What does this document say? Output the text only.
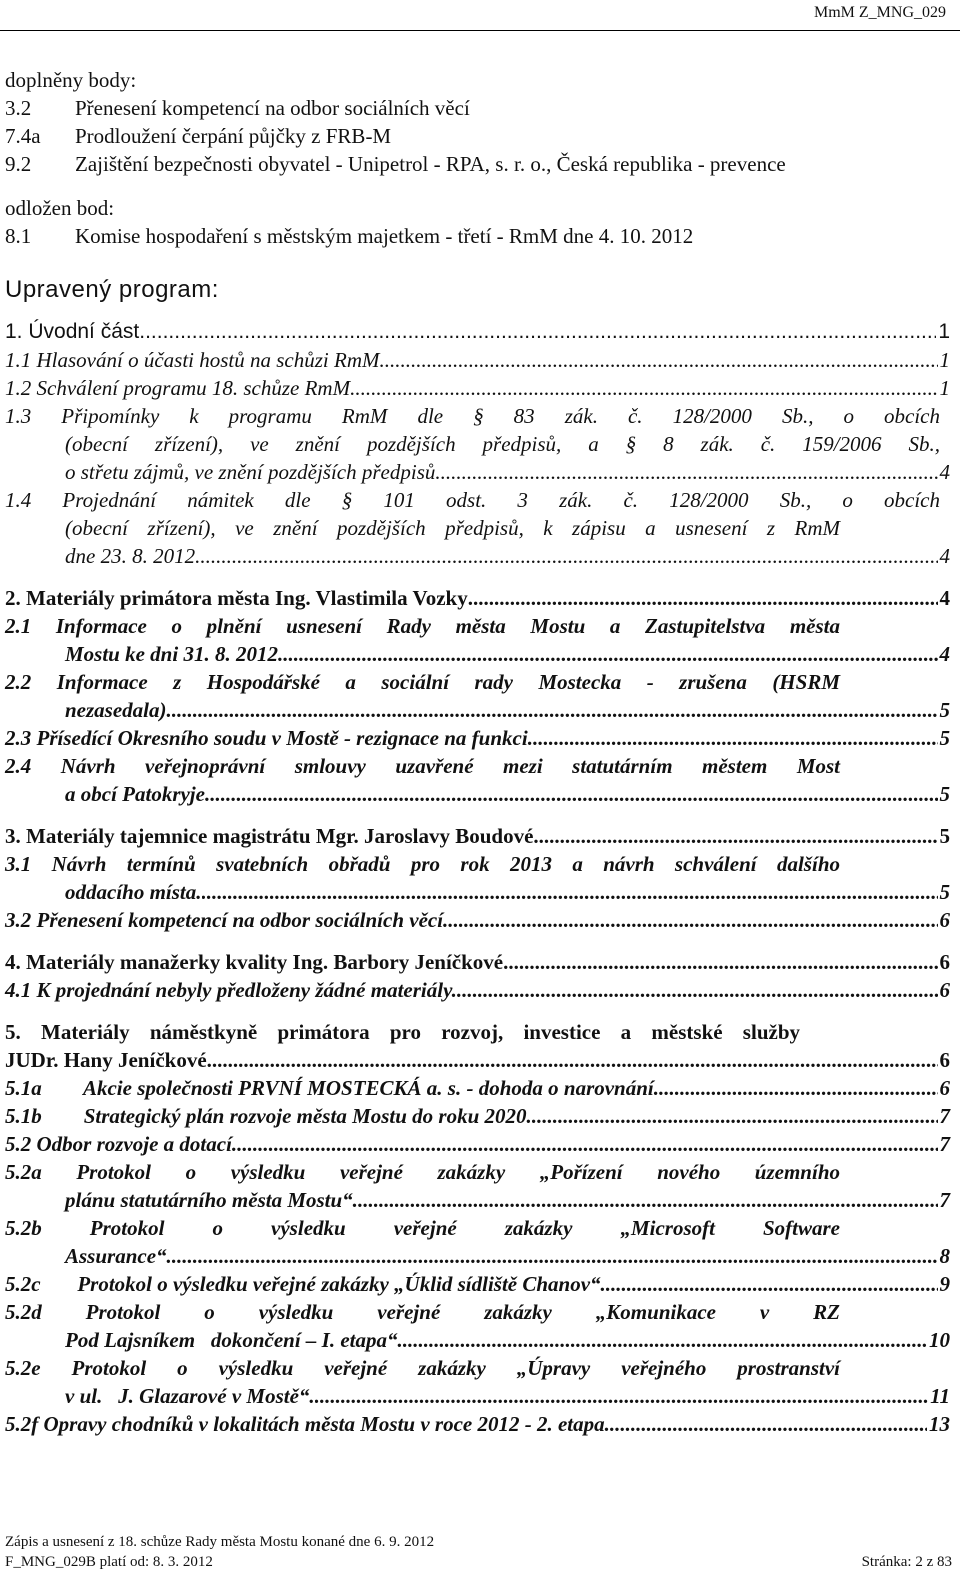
MmM Z_MNG_029
doplněny body:
3.2 Přenesení kompetencí na odbor sociálních věcí
7.4a Prodloužení čerpání půjčky z FRB-M
9.2 Zajištění bezpečnosti obyvatel - Unipetrol - RPA, s. r. o., Česká republika - prevence
odložen bod:
8.1 Komise hospodaření s městským majetkem - třetí - RmM dne 4. 10. 2012
Upravený program:
1. Úvodní část .....	1
1.1 Hlasování o účasti hostů na schůzi RmM. .....	1
1.2 Schválení programu 18. schůze RmM. .....	1
1.3 Připomínky k programu RmM dle § 83 zák. č. 128/2000 Sb., o obcích
(obecní zřízení), ve znění pozdějších předpisů, a § 8 zák. č. 159/2006 Sb.,
o střetu zájmů, ve znění pozdějších předpisů. .....	4
1.4 Projednání námitek dle § 101 odst. 3 zák. č. 128/2000 Sb., o obcích
(obecní zřízení), ve znění pozdějších předpisů, k zápisu a usnesení z RmM
dne 23. 8. 2012. .....	4
2. Materiály primátora města Ing. Vlastimila Vozky .....	4
2.1 Informace o plnění usnesení Rady města Mostu a Zastupitelstva města
Mostu ke dni 31. 8. 2012. .....	4
2.2 Informace z Hospodářské a sociální rady Mostecka - zrušena (HSRM
nezasedala). .....	5
2.3 Přísedící Okresního soudu v Mostě - rezignace na funkci. .....	5
2.4 Návrh veřejnoprávní smlouvy uzavřené mezi statutárním městem Most
a obcí Patokryje. .....	5
3. Materiály tajemnice magistrátu Mgr. Jaroslavy Boudové .....	5
3.1 Návrh termínů svatebních obřadů pro rok 2013 a návrh schválení dalšího
oddacího místa. .....	5
3.2 Přenesení kompetencí na odbor sociálních věcí. .....	6
4. Materiály manažerky kvality Ing. Barbory Jeníčkové .....	6
4.1 K projednání nebyly předloženy žádné materiály. .....	6
5. Materiály náměstkyně primátora pro rozvoj, investice a městské služby
JUDr. Hany Jeníčkové .....	6
5.1a        Akcie společnosti PRVNÍ MOSTECKÁ a. s. - dohoda o narovnání. .....	6
5.1b        Strategický plán rozvoje města Mostu do roku 2020. .....	7
5.2 Odbor rozvoje a dotací. .....	7
5.2a Protokol o výsledku veřejné zakázky „Pořízení nového územního
plánu statutárního města Mostu“. .....	7
5.2b Protokol o výsledku veřejné zakázky „Microsoft Software
Assurance“. .....	8
5.2c       Protokol o výsledku veřejné zakázky „Úklid sídliště Chanov“. .....	9
5.2d Protokol o výsledku veřejné zakázky „Komunikace v RZ
Pod Lajsníkem   dokončení – I. etapa“. .....	10
5.2e Protokol o výsledku veřejné zakázky „Úpravy veřejného prostranství
v ul.   J. Glazarové v Mostě“. .....	11
5.2f Opravy chodníků v lokalitách města Mostu v roce 2012 - 2. etapa. .....	13
Zápis a usnesení z 18. schůze Rady města Mostu konané dne 6. 9. 2012
F_MNG_029B platí od: 8. 3. 2012	Stránka: 2 z 83
